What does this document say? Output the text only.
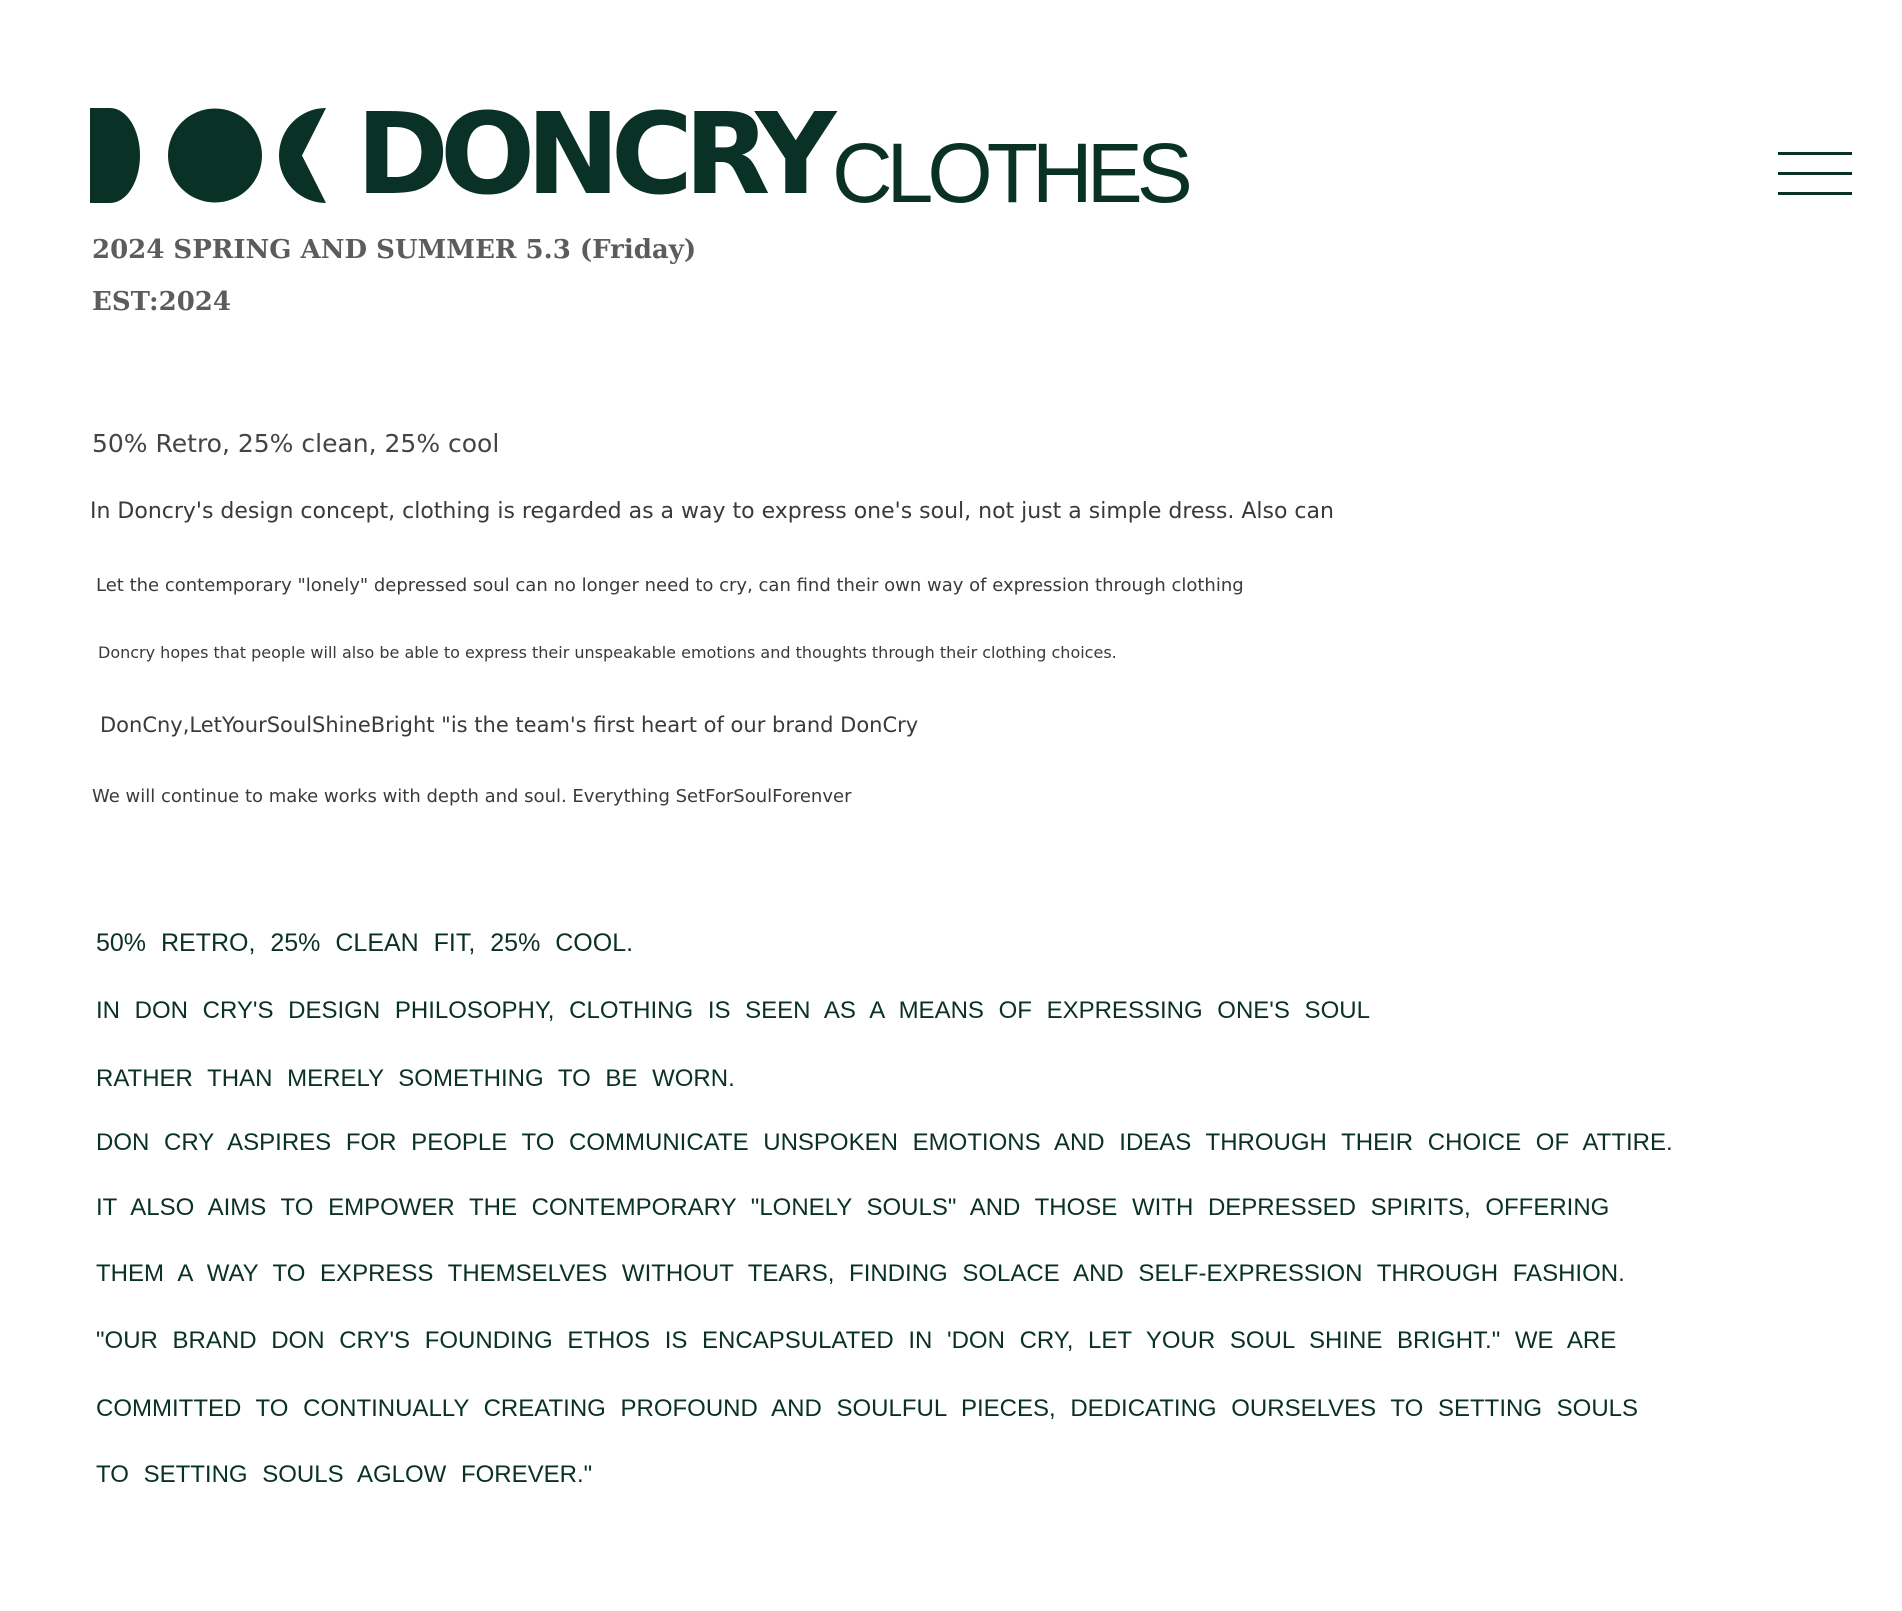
DONCRY CLOTHES
2024 SPRING AND SUMMER 5.3 (Friday)
EST:2024
50% Retro, 25% clean, 25% cool
In Doncry's design concept, clothing is regarded as a way to express one's soul, not just a simple dress. Also can
Let the contemporary "lonely" depressed soul can no longer need to cry, can find their own way of expression through clothing
Doncry hopes that people will also be able to express their unspeakable emotions and thoughts through their clothing choices.
DonCny,LetYourSoulShineBright "is the team's first heart of our brand DonCry
We will continue to make works with depth and soul. Everything SetForSoulForenver
50% RETRO, 25% CLEAN FIT, 25% COOL.
IN DON CRY'S DESIGN PHILOSOPHY, CLOTHING IS SEEN AS A MEANS OF EXPRESSING ONE'S SOUL
RATHER THAN MERELY SOMETHING TO BE WORN.
DON CRY ASPIRES FOR PEOPLE TO COMMUNICATE UNSPOKEN EMOTIONS AND IDEAS THROUGH THEIR CHOICE OF ATTIRE.
IT ALSO AIMS TO EMPOWER THE CONTEMPORARY "LONELY SOULS" AND THOSE WITH DEPRESSED SPIRITS, OFFERING
THEM A WAY TO EXPRESS THEMSELVES WITHOUT TEARS, FINDING SOLACE AND SELF-EXPRESSION THROUGH FASHION.
"OUR BRAND DON CRY'S FOUNDING ETHOS IS ENCAPSULATED IN 'DON CRY, LET YOUR SOUL SHINE BRIGHT." WE ARE
COMMITTED TO CONTINUALLY CREATING PROFOUND AND SOULFUL PIECES, DEDICATING OURSELVES TO SETTING SOULS
TO SETTING SOULS AGLOW FOREVER."
